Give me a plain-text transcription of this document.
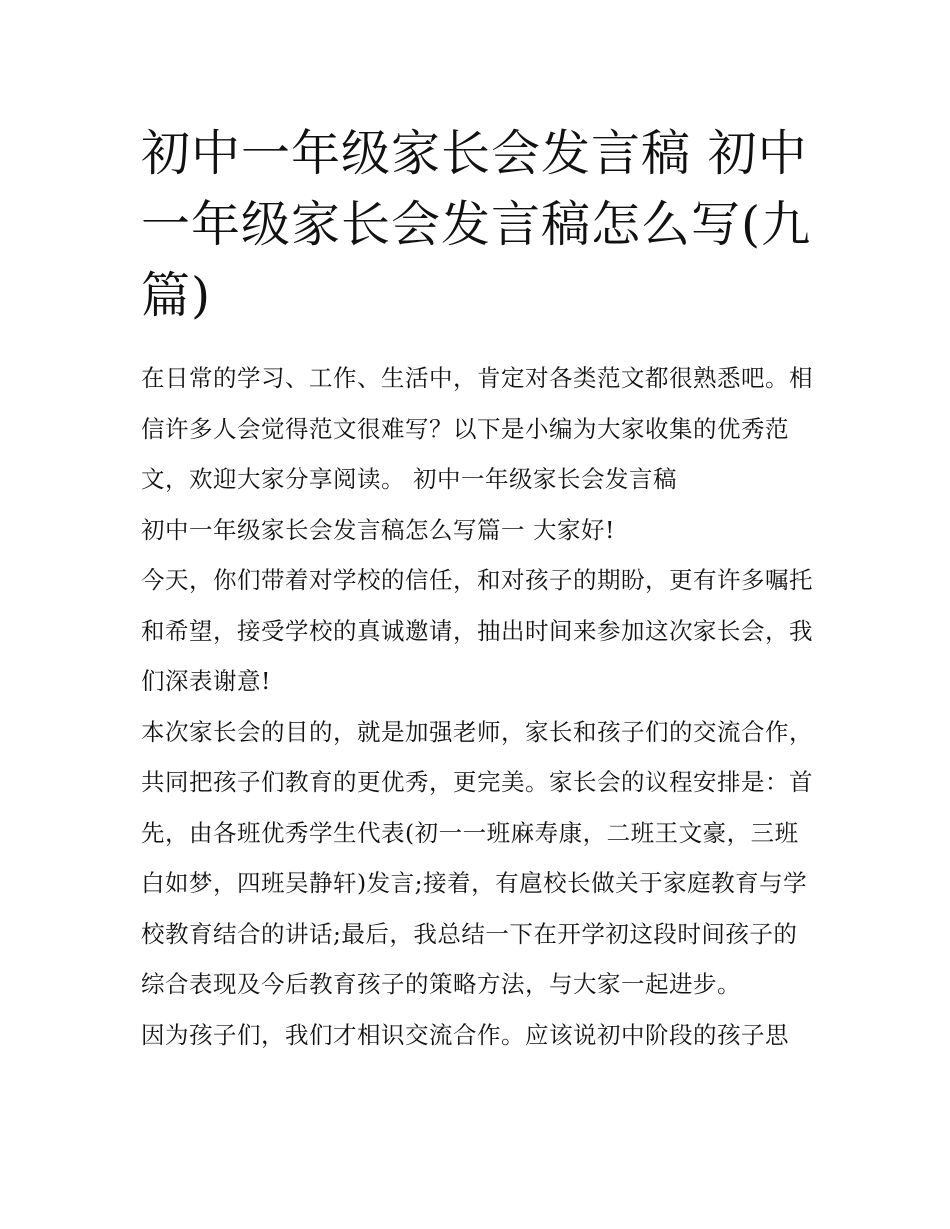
初中一年级家长会发言稿 初中一年级家长会发言稿怎么写(九篇)

在日常的学习、工作、生活中，肯定对各类范文都很熟悉吧。相信许多人会觉得范文很难写？以下是小编为大家收集的优秀范文，欢迎大家分享阅读。 初中一年级家长会发言稿

初中一年级家长会发言稿怎么写篇一 大家好!

今天，你们带着对学校的信任，和对孩子的期盼，更有许多嘱托和希望，接受学校的真诚邀请，抽出时间来参加这次家长会，我们深表谢意!

本次家长会的目的，就是加强老师，家长和孩子们的交流合作，共同把孩子们教育的更优秀，更完美。家长会的议程安排是：首先，由各班优秀学生代表(初一一班麻寿康，二班王文豪，三班白如梦，四班吴静轩)发言;接着，有扈校长做关于家庭教育与学校教育结合的讲话;最后，我总结一下在开学初这段时间孩子的综合表现及今后教育孩子的策略方法，与大家一起进步。

因为孩子们，我们才相识交流合作。应该说初中阶段的孩子思
